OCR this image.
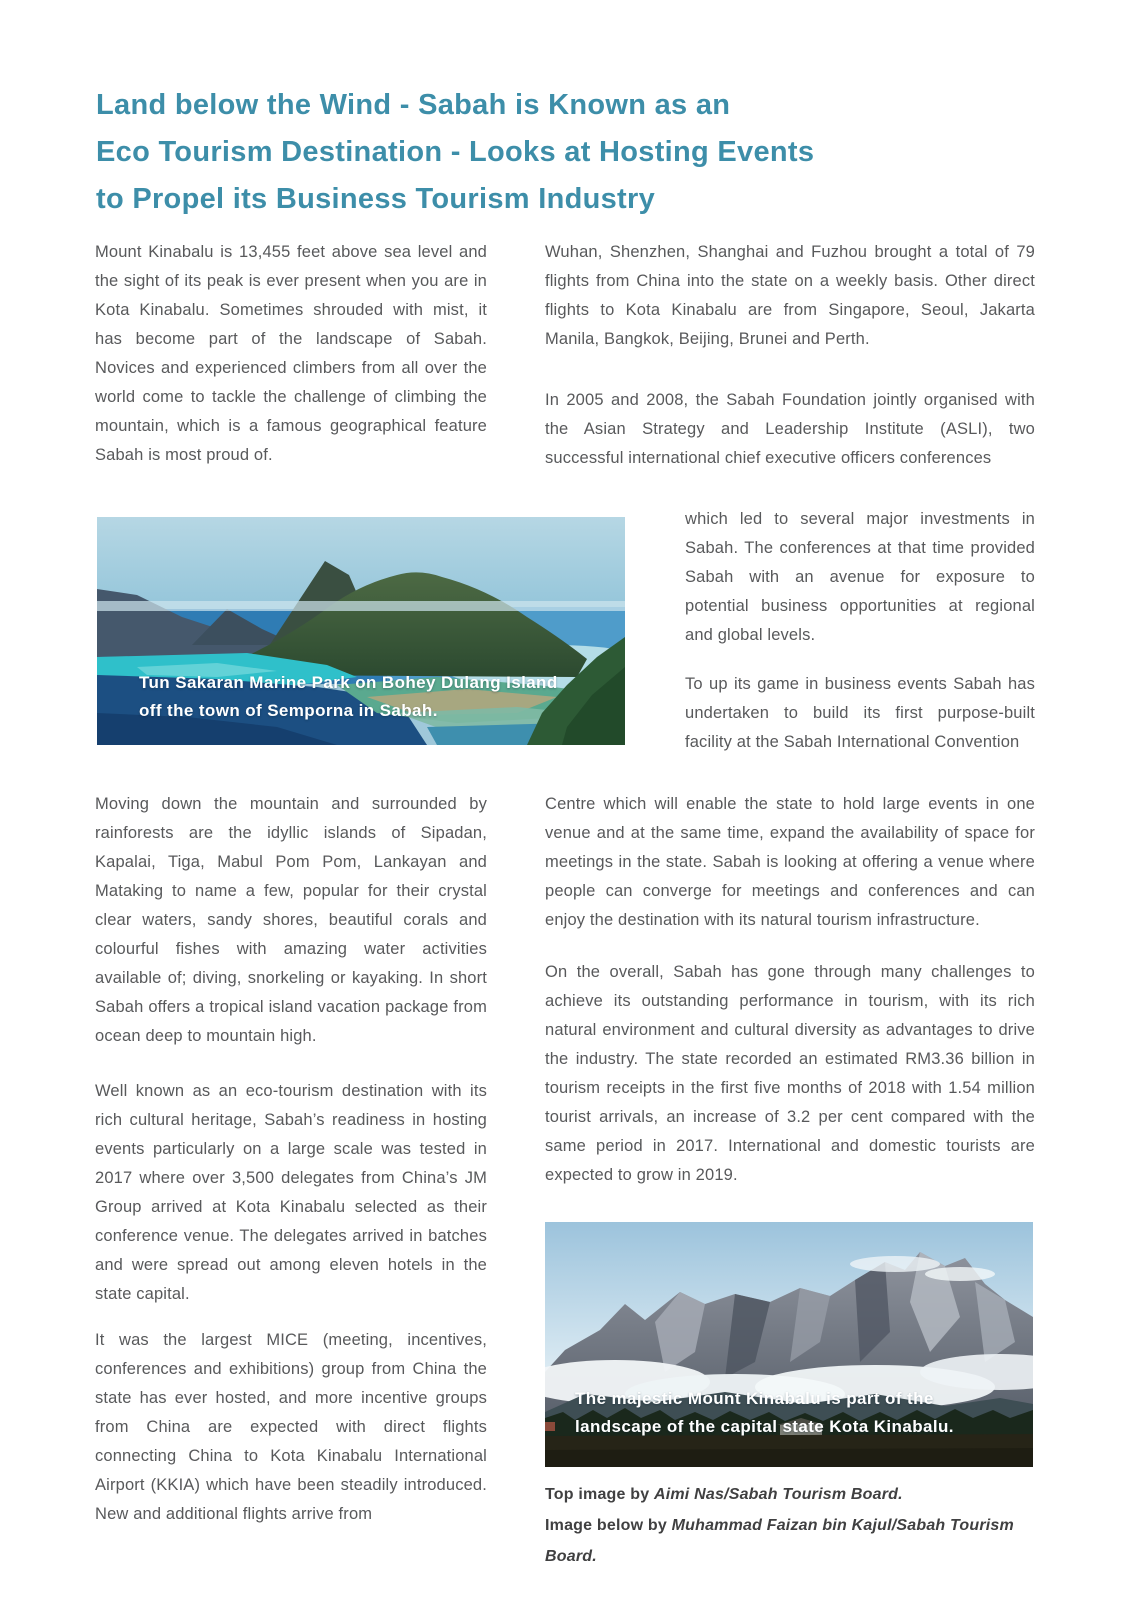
Land below the Wind - Sabah is Known as an
Eco Tourism Destination - Looks at Hosting Events
to Propel its Business Tourism Industry
Mount Kinabalu is 13,455 feet above sea level and the sight of its peak is ever present when you are in Kota Kinabalu. Sometimes shrouded with mist, it has become part of the landscape of Sabah. Novices and experienced climbers from all over the world come to tackle the challenge of climbing the mountain, which is a famous geographical feature Sabah is most proud of.
Moving down the mountain and surrounded by rainforests are the idyllic islands of Sipadan, Kapalai, Tiga, Mabul Pom Pom, Lankayan and Mataking to name a few, popular for their crystal clear waters, sandy shores, beautiful corals and colourful fishes with amazing water activities available of; diving, snorkeling or kayaking. In short Sabah offers a tropical island vacation package from ocean deep to mountain high.
Well known as an eco-tourism destination with its rich cultural heritage, Sabah’s readiness in hosting events particularly on a large scale was tested in 2017 where over 3,500 delegates from China’s JM Group arrived at Kota Kinabalu selected as their conference venue. The delegates arrived in batches and were spread out among eleven hotels in the state capital.
It was the largest MICE (meeting, incentives, conferences and exhibitions) group from China the state has ever hosted, and more incentive groups from China are expected with direct flights connecting China to Kota Kinabalu International Airport (KKIA) which have been steadily introduced. New and additional flights arrive from
Wuhan, Shenzhen, Shanghai and Fuzhou brought a total of 79 flights from China into the state on a weekly basis. Other direct flights to Kota Kinabalu are from Singapore, Seoul, Jakarta Manila, Bangkok, Beijing, Brunei and Perth.
In 2005 and 2008, the Sabah Foundation jointly organised with the Asian Strategy and Leadership Institute (ASLI), two successful international chief executive officers conferences
which led to several major investments in Sabah. The conferences at that time provided Sabah with an avenue for exposure to potential business opportunities at regional and global levels.
To up its game in business events Sabah has undertaken to build its first purpose-built facility at the Sabah International Convention
Centre which will enable the state to hold large events in one venue and at the same time, expand the availability of space for meetings in the state. Sabah is looking at offering a venue where people can converge for meetings and conferences and can enjoy the destination with its natural tourism infrastructure.
On the overall, Sabah has gone through many challenges to achieve its outstanding performance in tourism, with its rich natural environment and cultural diversity as advantages to drive the industry. The state recorded an estimated RM3.36 billion in tourism receipts in the first five months of 2018 with 1.54 million tourist arrivals, an increase of 3.2 per cent compared with the same period in 2017. International and domestic tourists are expected to grow in 2019.
Tun Sakaran Marine Park on Bohey Dulang Island
off the town of Semporna in Sabah.
The majestic Mount Kinabalu is part of the
landscape of the capital state Kota Kinabalu.
Top image by Aimi Nas/Sabah Tourism Board.
Image below by Muhammad Faizan bin Kajul/Sabah Tourism Board.
